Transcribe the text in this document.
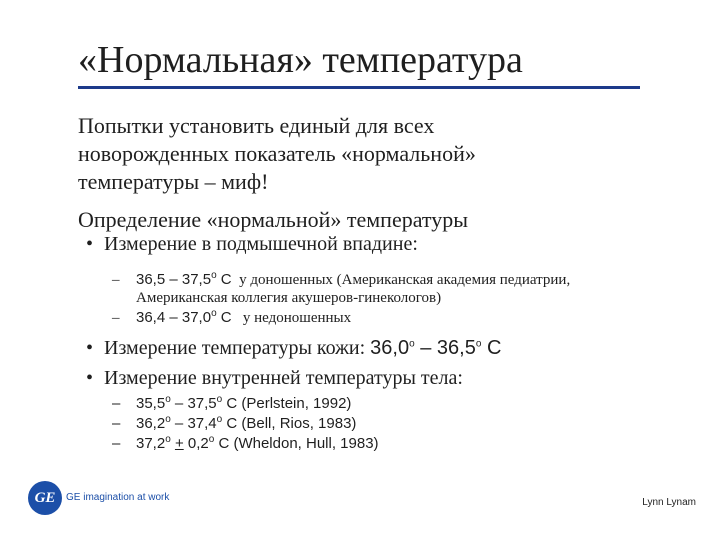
«Нормальная» температура
Попытки установить единый для всех
новорожденных показатель «нормальной»
температуры – миф!
Определение «нормальной» температуры
• Измерение в подмышечной впадине:
– 36,5 – 37,5$^o$ С у доношенных (Американская академия педиатрии,
Американская коллегия акушеров-гинекологов)
– 36,4 – 37,0$^o$ С у недоношенных
• Измерение температуры кожи: 36,0$^o$ – 36,5$^o$ С
• Измерение внутренней температуры тела:
– 35,5$^o$ – 37,5$^o$ C (Perlstein, 1992)
– 36,2$^o$ – 37,4$^o$ C (Bell, Rios, 1983)
– $37,2^o + 0,2^o$ C (Wheldon, Hull, 1983)
GE	GE imagination at work	Lynn Lynam
